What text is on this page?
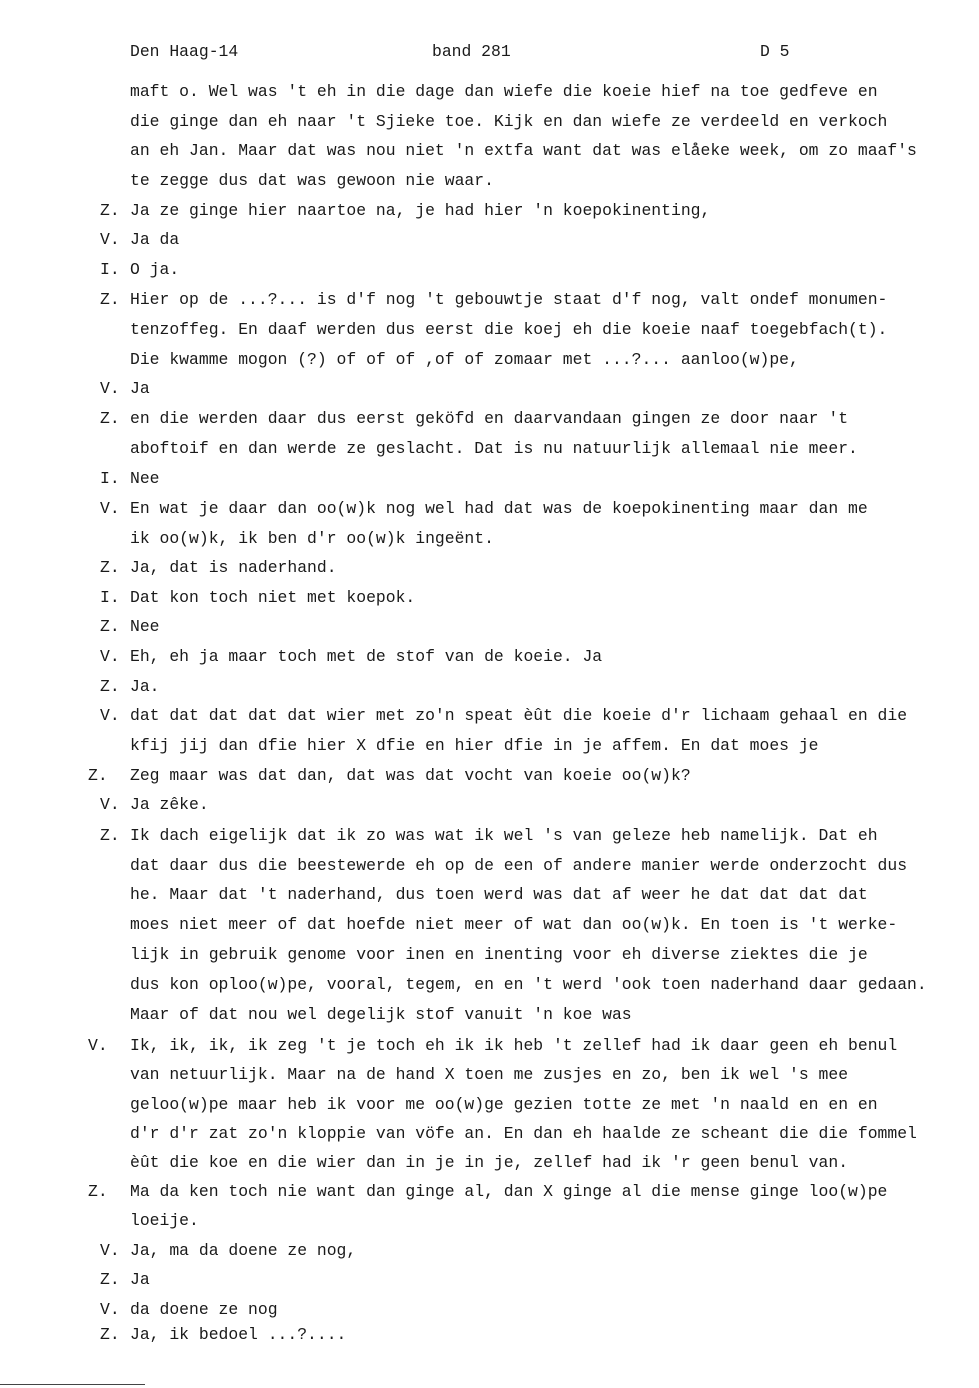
Den Haag-14	band 281	D 5
maft o. Wel was 't eh in die dage dan wiefe die koeie hief na toe gedfeve en
die ginge dan eh naar 't Sjieke toe. Kijk en dan wiefe ze verdeeld en verkoch
an eh Jan. Maar dat was nou niet 'n extfa want dat was elåeke week, om zo maaf's
te zegge dus dat was gewoon nie waar.
Z. Ja ze ginge hier naartoe na, je had hier 'n koepokinenting,
V. Ja da
I. O ja.
Z. Hier op de ...?... is d'f nog 't gebouwtje staat d'f nog, valt ondef monumen-
tenzoffeg. En daaf werden dus eerst die koej eh die koeie naaf toegebfach(t).
Die kwamme mogon (?) of of of ,of of zomaar met ...?... aanloo(w)pe,
V. Ja
Z. en die werden daar dus eerst geköfd en daarvandaan gingen ze door naar 't
aboftoif en dan werde ze geslacht. Dat is nu natuurlijk allemaal nie meer.
I. Nee
V. En wat je daar dan oo(w)k nog wel had dat was de koepokinenting maar dan me
ik oo(w)k, ik ben d'r oo(w)k ingeënt.
Z. Ja, dat is naderhand.
I. Dat kon toch niet met koepok.
Z. Nee
V. Eh, eh ja maar toch met de stof van de koeie. Ja
Z. Ja.
V. dat dat dat dat dat wier met zo'n speat èût die koeie d'r lichaam gehaal en die
kfij jij dan dfie hier X dfie en hier dfie in je affem. En dat moes je
Z. Zeg maar was dat dan, dat was dat vocht van koeie oo(w)k?
V. Ja zêke.
Z. Ik dach eigelijk dat ik zo was wat ik wel 's van geleze heb namelijk. Dat eh
dat daar dus die beestewerde eh op de een of andere manier werde onderzocht dus
he. Maar dat 't naderhand, dus toen werd was dat af weer he dat dat dat dat
moes niet meer of dat hoefde niet meer of wat dan oo(w)k. En toen is 't werke-
lijk in gebruik genome voor inen en inenting voor eh diverse ziektes die je
dus kon oploo(w)pe, vooral, tegem, en en 't werd 'ook toen naderhand daar gedaan.
Maar of dat nou wel degelijk stof vanuit 'n koe was
V. Ik, ik, ik, ik zeg 't je toch eh ik ik heb 't zellef had ik daar geen eh benul
van netuurlijk. Maar na de hand X toen me zusjes en zo, ben ik wel 's mee
geloo(w)pe maar heb ik voor me oo(w)ge gezien totte ze met 'n naald en en en
d'r d'r zat zo'n kloppie van vöfe an. En dan eh haalde ze scheant die die fommel
èût die koe en die wier dan in je in je, zellef had ik 'r geen benul van.
Z. Ma da ken toch nie want dan ginge al, dan X ginge al die mense ginge loo(w)pe
loeije.
V. Ja, ma da doene ze nog,
Z. Ja
V. da doene ze nog
Z. Ja, ik bedoel ...?....
